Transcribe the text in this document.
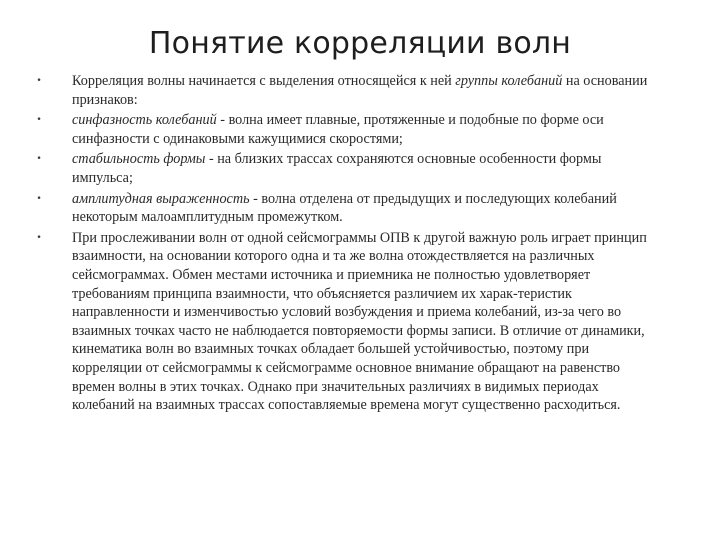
Понятие корреляции волн
• Корреляция волны начинается с выделения относящейся к ней группы колебаний на основании признаков:
• синфазность колебаний - волна имеет плавные, протяженные и подобные по форме оси синфазности с одинаковыми кажущимися скоростями;
• стабильность формы - на близких трассах сохраняются основные особенности формы импульса;
• амплитудная выраженность - волна отделена от предыдущих и последующих колебаний некоторым малоамплитудным промежутком.
• При прослеживании волн от одной сейсмограммы ОПВ к другой важную роль играет принцип взаимности, на основании которого одна и та же волна отождествляется на различных сейсмограммах. Обмен местами источника и приемника не полностью удовлетворяет требованиям принципа взаимности, что объясняется различием их харак-теристик направленности и изменчивостью условий возбуждения и приема колебаний, из-за чего во взаимных точках часто не наблюдается повторяемости формы записи. В отличие от динамики, кинематика волн во взаимных точках обладает большей устойчивостью, поэтому при корреляции от сейсмограммы к сейсмограмме основное внимание обращают на равенство времен волны в этих точках. Однако при значительных различиях в видимых периодах колебаний на взаимных трассах сопоставляемые времена могут существенно расходиться.
